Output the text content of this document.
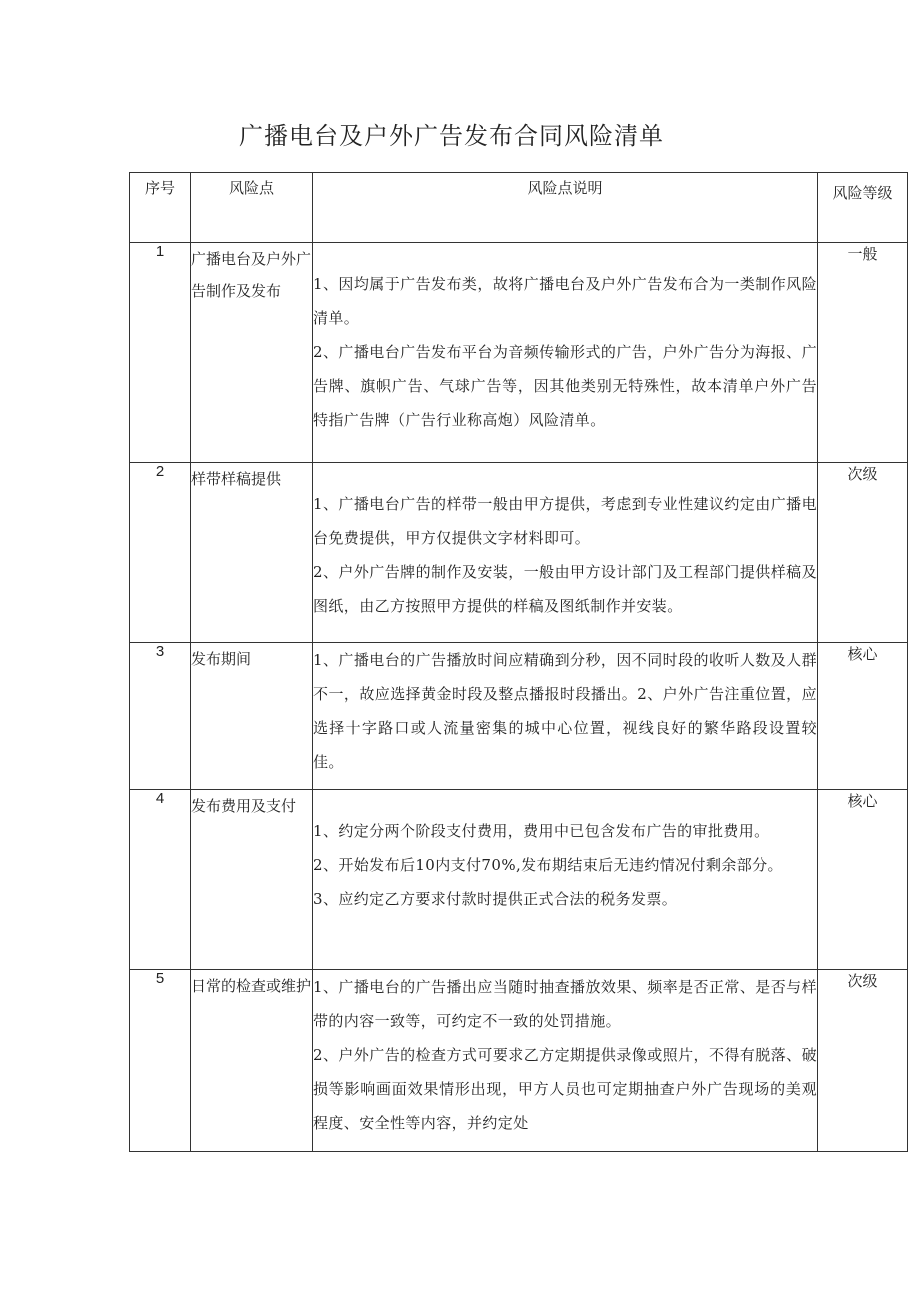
广播电台及户外广告发布合同风险清单
序号	风险点	风险点说明	风险等级
1	广播电台及户外广告制作及发布	1、因均属于广告发布类，故将广播电台及户外广告发布合为一类制作风险清单。

2、广播电台广告发布平台为音频传输形式的广告，户外广告分为海报、广告牌、旗帜广告、气球广告等，因其他类别无特殊性，故本清单户外广告特指广告牌（广告行业称高炮）风险清单。	一般
2	样带样稿提供	1、广播电台广告的样带一般由甲方提供，考虑到专业性建议约定由广播电台免费提供，甲方仅提供文字材料即可。

2、户外广告牌的制作及安装，一般由甲方设计部门及工程部门提供样稿及图纸，由乙方按照甲方提供的样稿及图纸制作并安装。	次级
3	发布期间	1、广播电台的广告播放时间应精确到分秒，因不同时段的收听人数及人群不一，故应选择黄金时段及整点播报时段播出。2、户外广告注重位置，应选择十字路口或人流量密集的城中心位置，视线良好的繁华路段设置较佳。	核心
4	发布费用及支付	1、约定分两个阶段支付费用，费用中已包含发布广告的审批费用。

2、开始发布后10内支付70%,发布期结束后无违约情况付剩余部分。

3、应约定乙方要求付款时提供正式合法的税务发票。	核心
5	日常的检查或维护	1、广播电台的广告播出应当随时抽查播放效果、频率是否正常、是否与样带的内容一致等，可约定不一致的处罚措施。

2、户外广告的检查方式可要求乙方定期提供录像或照片，不得有脱落、破损等影响画面效果情形出现，甲方人员也可定期抽查户外广告现场的美观程度、安全性等内容，并约定处	次级
